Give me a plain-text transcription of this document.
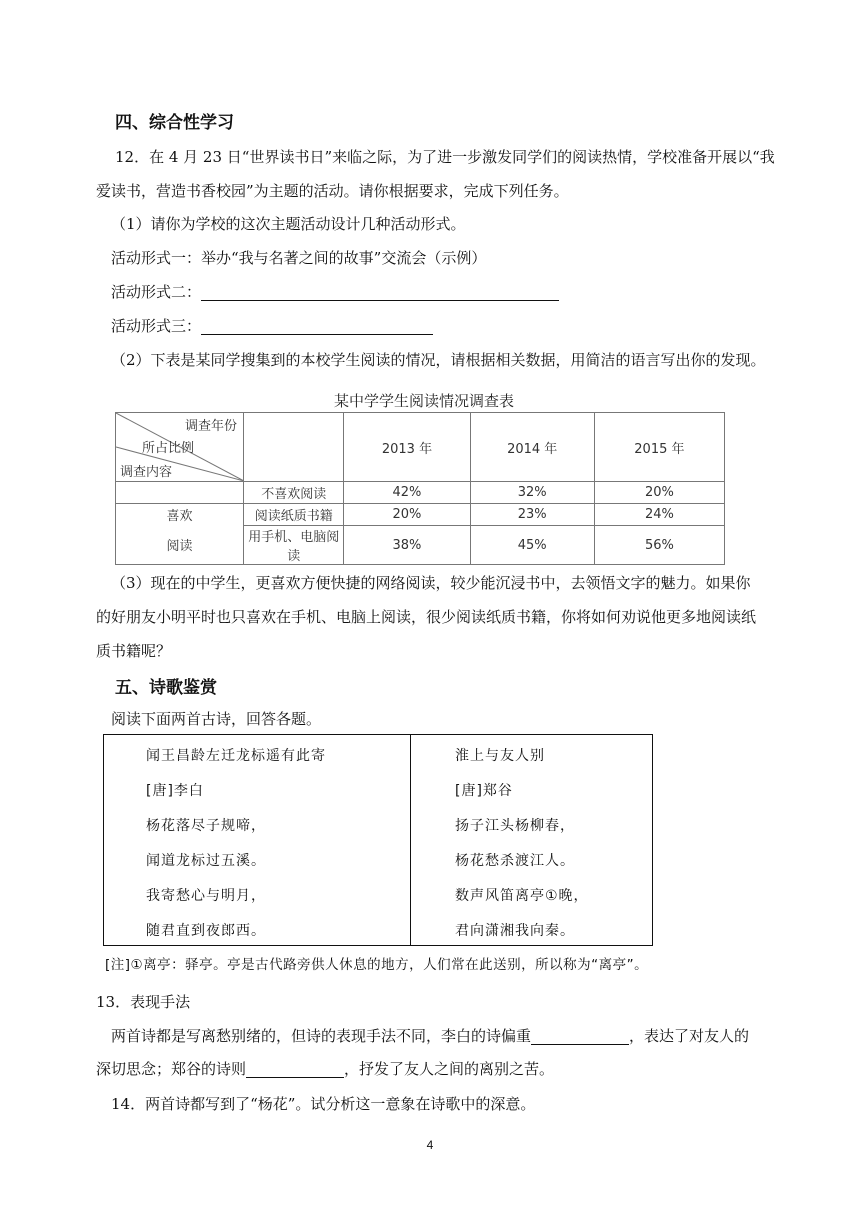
四、综合性学习
12．在 4 月 23 日“世界读书日”来临之际，为了进一步激发同学们的阅读热情，学校准备开展以“我
爱读书，营造书香校园”为主题的活动。请你根据要求，完成下列任务。
（1）请你为学校的这次主题活动设计几种活动形式。
活动形式一：举办“我与名著之间的故事”交流会（示例）
活动形式二：
活动形式三：
（2）下表是某同学搜集到的本校学生阅读的情况，请根据相关数据，用简洁的语言写出你的发现。
某中学学生阅读情况调查表
调查年份
所占比例
调查内容		2013 年	2014 年	2015 年
	不喜欢阅读	42%	32%	20%
喜欢	阅读纸质书籍	20%	23%	24%
阅读	用手机、电脑阅读	38%	45%	56%
（3）现在的中学生，更喜欢方便快捷的网络阅读，较少能沉浸书中，去领悟文字的魅力。如果你
的好朋友小明平时也只喜欢在手机、电脑上阅读，很少阅读纸质书籍，你将如何劝说他更多地阅读纸
质书籍呢？
五、诗歌鉴赏
阅读下面两首古诗，回答各题。
闻王昌龄左迁龙标遥有此寄
[唐]李白
杨花落尽子规啼，
闻道龙标过五溪。
我寄愁心与明月，
随君直到夜郎西。
淮上与友人别
[唐]郑谷
扬子江头杨柳春，
杨花愁杀渡江人。
数声风笛离亭①晚，
君向潇湘我向秦。
[注]①离亭：驿亭。亭是古代路旁供人休息的地方，人们常在此送别，所以称为“离亭”。
13．表现手法
两首诗都是写离愁别绪的，但诗的表现手法不同，李白的诗偏重	，表达了对友人的
深切思念；郑谷的诗则	，抒发了友人之间的离别之苦。
14．两首诗都写到了“杨花”。试分析这一意象在诗歌中的深意。
4
